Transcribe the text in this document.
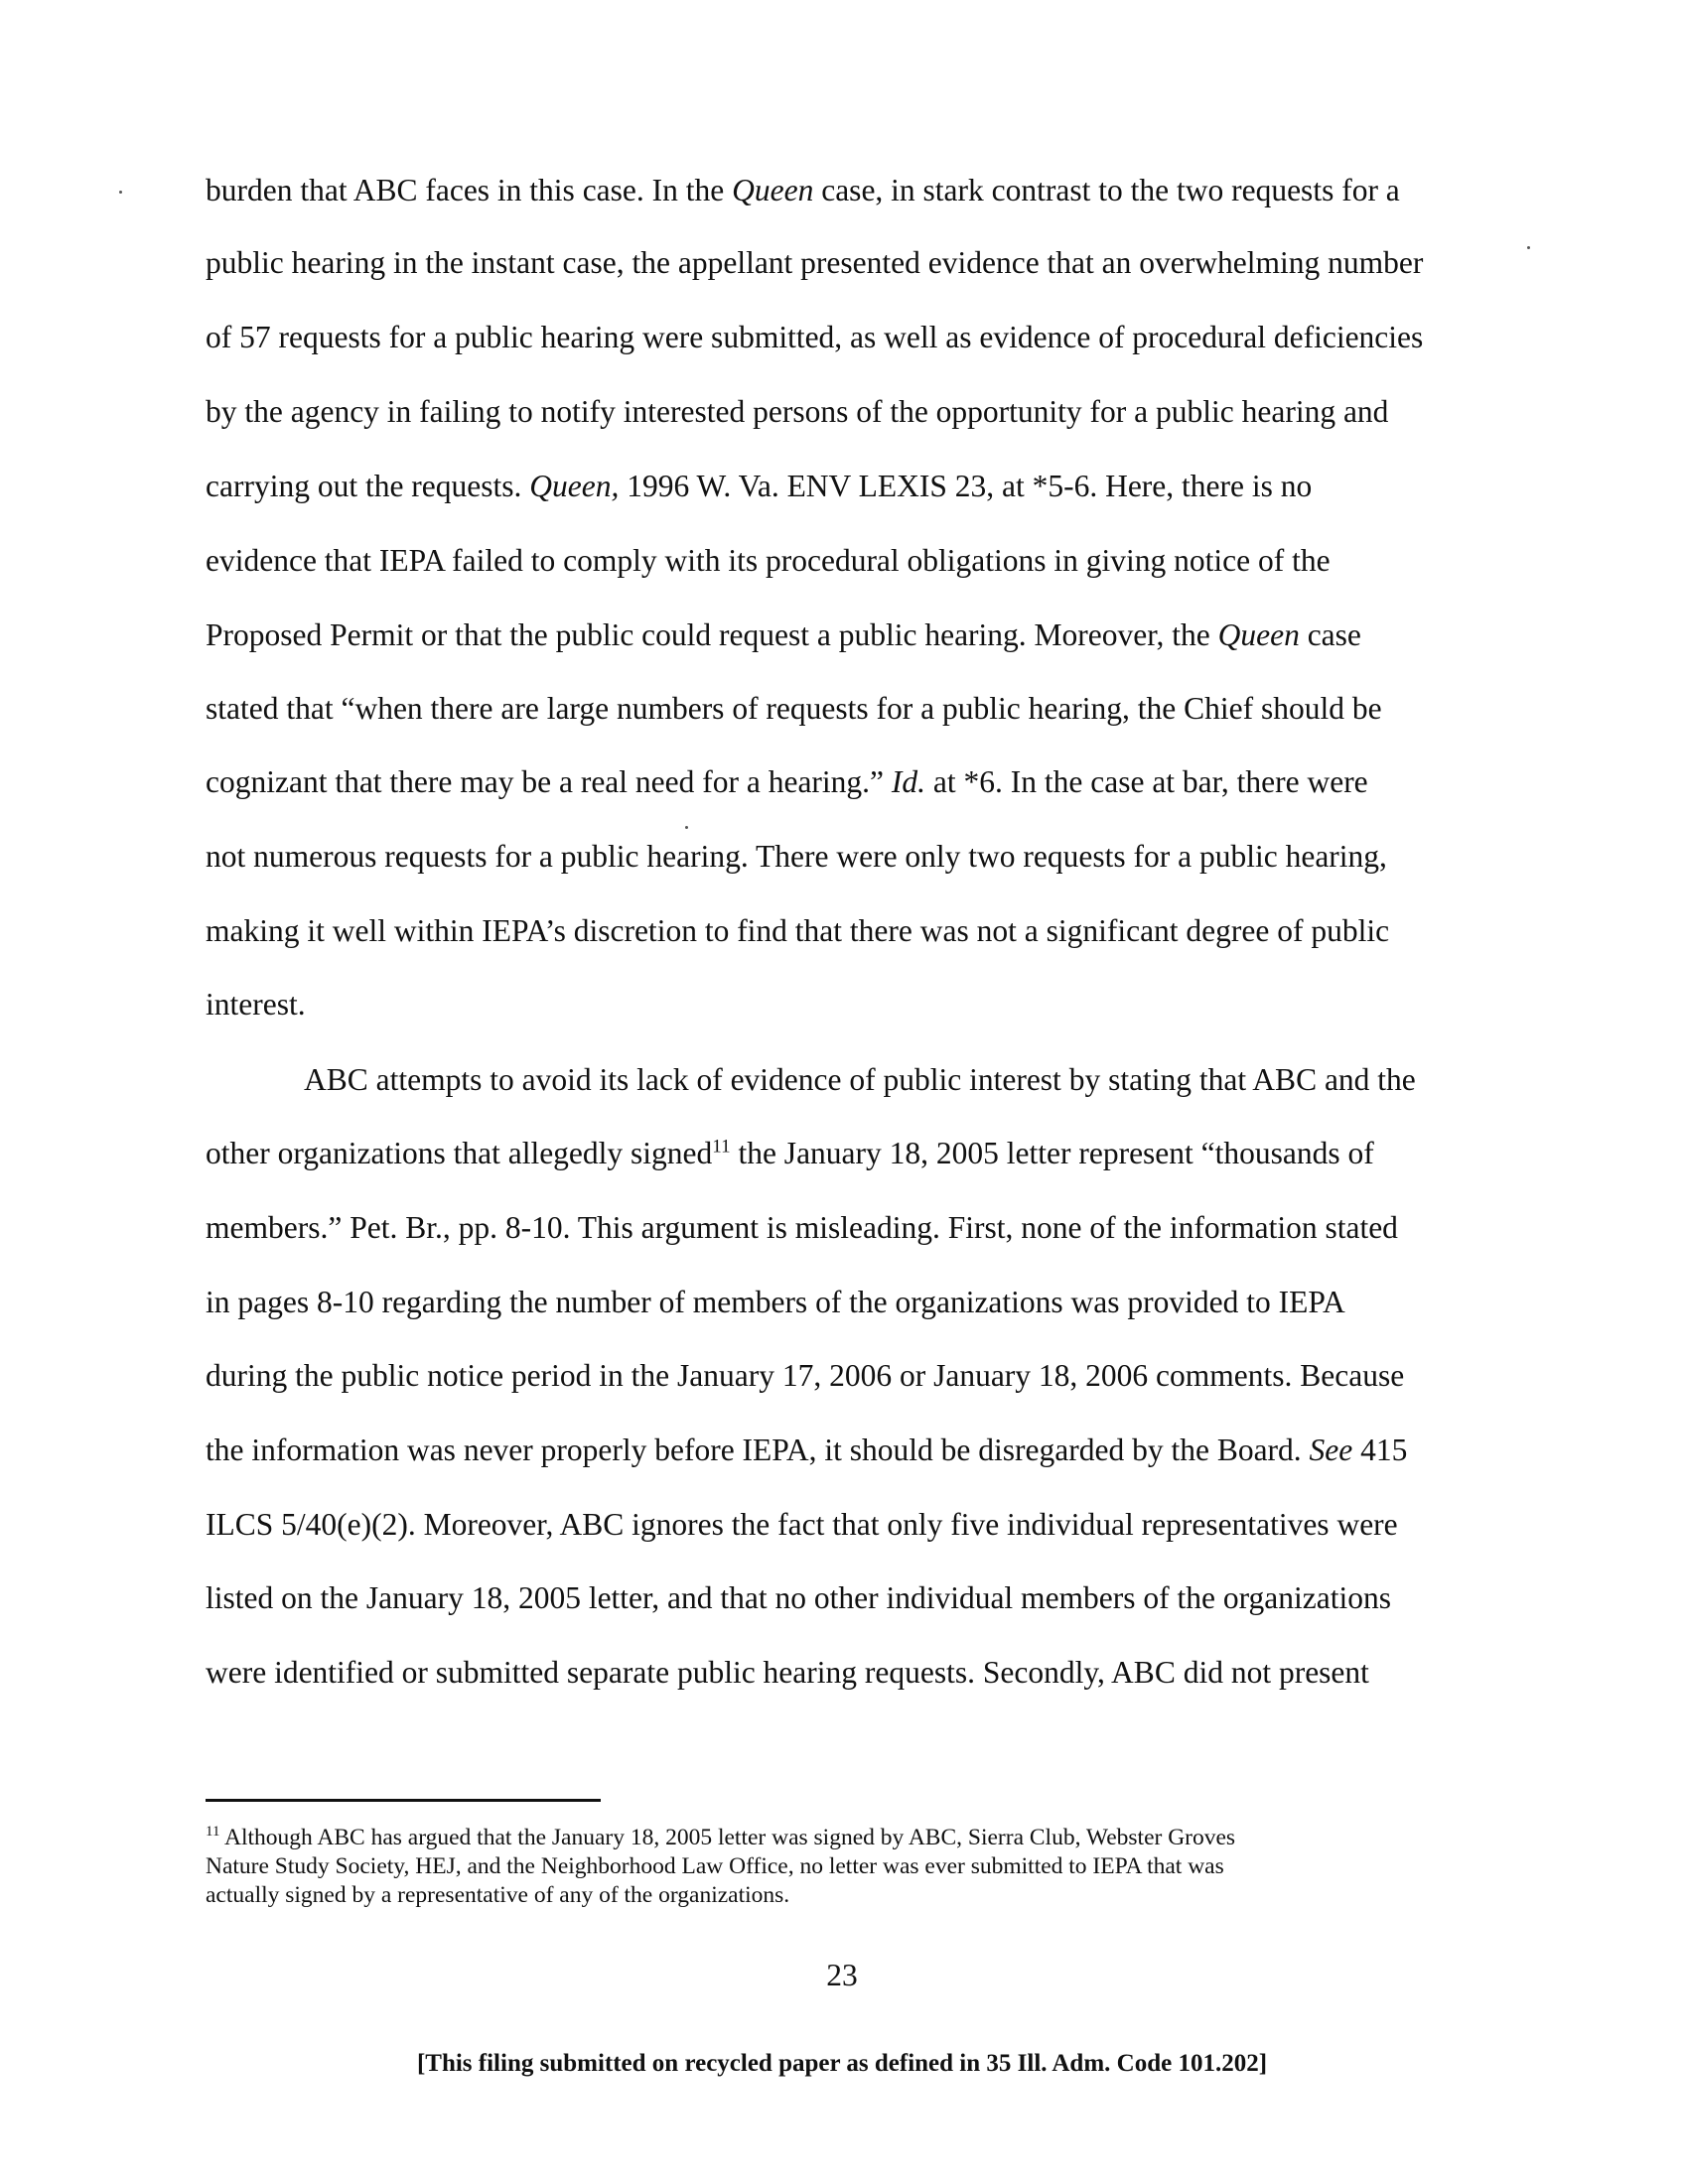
burden that ABC faces in this case. In the Queen case, in stark contrast to the two requests for a
public hearing in the instant case, the appellant presented evidence that an overwhelming number
of 57 requests for a public hearing were submitted, as well as evidence of procedural deficiencies
by the agency in failing to notify interested persons of the opportunity for a public hearing and
carrying out the requests. Queen, 1996 W. Va. ENV LEXIS 23, at *5-6. Here, there is no
evidence that IEPA failed to comply with its procedural obligations in giving notice of the
Proposed Permit or that the public could request a public hearing. Moreover, the Queen case
stated that “when there are large numbers of requests for a public hearing, the Chief should be
cognizant that there may be a real need for a hearing.” Id. at *6. In the case at bar, there were
not numerous requests for a public hearing. There were only two requests for a public hearing,
making it well within IEPA’s discretion to find that there was not a significant degree of public
interest.
ABC attempts to avoid its lack of evidence of public interest by stating that ABC and the
other organizations that allegedly signed$^{11}$ the January 18, 2005 letter represent “thousands of
members.” Pet. Br., pp. 8-10. This argument is misleading. First, none of the information stated
in pages 8-10 regarding the number of members of the organizations was provided to IEPA
during the public notice period in the January 17, 2006 or January 18, 2006 comments. Because
the information was never properly before IEPA, it should be disregarded by the Board. See 415
ILCS 5/40(e)(2). Moreover, ABC ignores the fact that only five individual representatives were
listed on the January 18, 2005 letter, and that no other individual members of the organizations
were identified or submitted separate public hearing requests. Secondly, ABC did not present
$^{11}$ Although ABC has argued that the January 18, 2005 letter was signed by ABC, Sierra Club, Webster Groves
Nature Study Society, HEJ, and the Neighborhood Law Office, no letter was ever submitted to IEPA that was
actually signed by a representative of any of the organizations.
23
[This filing submitted on recycled paper as defined in 35 Ill. Adm. Code 101.202]
